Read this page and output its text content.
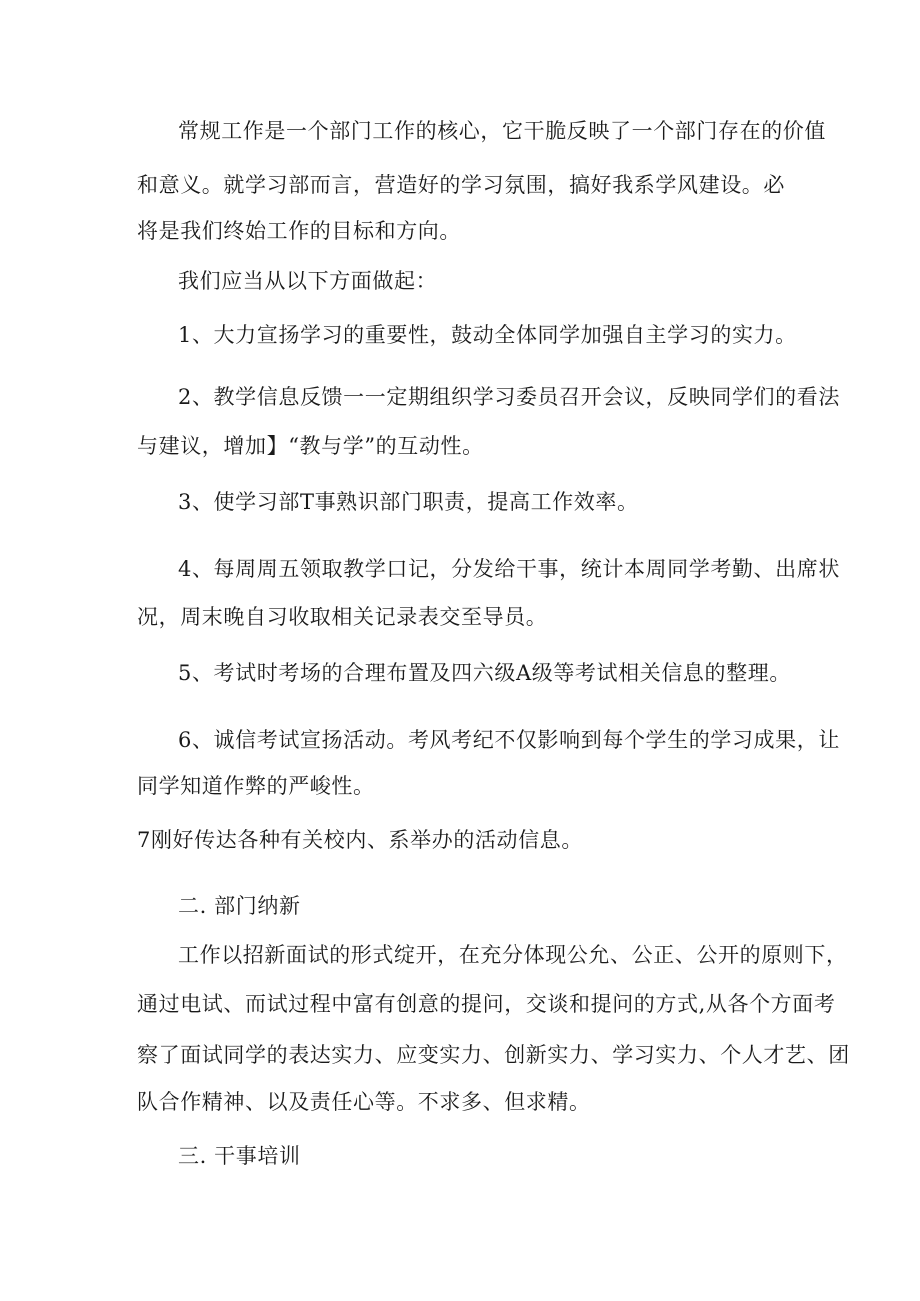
常规工作是一个部门工作的核心，它干脆反映了一个部门存在的价值

和意义。就学习部而言，营造好的学习氛围，搞好我系学风建设。必

将是我们终始工作的目标和方向。

我们应当从以下方面做起：

1、大力宣扬学习的重要性，鼓动全体同学加强自主学习的实力。

2、教学信息反馈一一定期组织学习委员召开会议，反映同学们的看法

与建议，增加】“教与学”的互动性。

3、使学习部T事熟识部门职责，提高工作效率。

4、每周周五领取教学口记，分发给干事，统计本周同学考勤、出席状

况，周末晚自习收取相关记录表交至导员。

5、考试时考场的合理布置及四六级A级等考试相关信息的整理。

6、诚信考试宣扬活动。考风考纪不仅影响到每个学生的学习成果，让

同学知道作弊的严峻性。

7刚好传达各种有关校内、系举办的活动信息。

二. 部门纳新

工作以招新面试的形式绽开，在充分体现公允、公正、公开的原则下，

通过电试、而试过程中富有创意的提问，交谈和提问的方式,从各个方面考

察了面试同学的表达实力、应变实力、创新实力、学习实力、个人才艺、团

队合作精神、以及责任心等。不求多、但求精。

三. 干事培训
